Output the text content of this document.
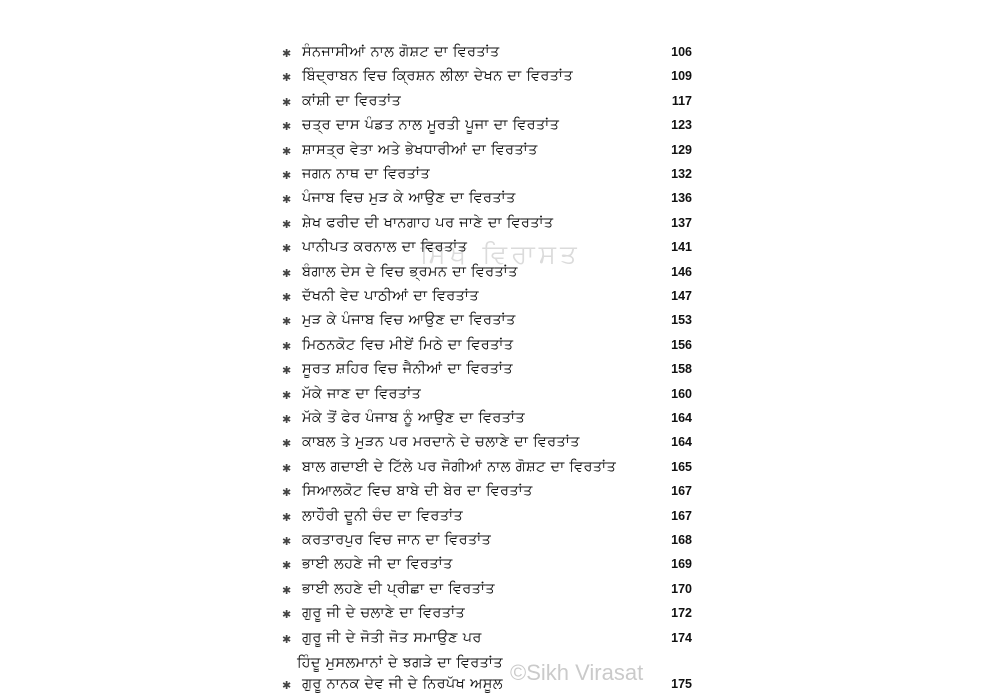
ਸਿਖ ਵਿਰਾਸਤ
✱ ਸੰਨਜਾਸੀਆਂ ਨਾਲ ਗੋਸ਼ਟ ਦਾ ਵਿਰਤਾਂਤ	106
✱ ਬਿੰਦ੍ਰਾਬਨ ਵਿਚ ਕ੍ਰਿਸ਼ਨ ਲੀਲਾ ਦੇਖਨ ਦਾ ਵਿਰਤਾਂਤ	109
✱ ਕਾਂਸ਼ੀ ਦਾ ਵਿਰਤਾਂਤ	117
✱ ਚਤ੍ਰ ਦਾਸ ਪੰਡਤ ਨਾਲ ਮੂਰਤੀ ਪੂਜਾ ਦਾ ਵਿਰਤਾਂਤ	123
✱ ਸ਼ਾਸਤ੍ਰ ਵੇਤਾ ਅਤੇ ਭੇਖਧਾਰੀਆਂ ਦਾ ਵਿਰਤਾਂਤ	129
✱ ਜਗਨ ਨਾਥ ਦਾ ਵਿਰਤਾਂਤ	132
✱ ਪੰਜਾਬ ਵਿਚ ਮੁੜ ਕੇ ਆਉਣ ਦਾ ਵਿਰਤਾਂਤ	136
✱ ਸ਼ੇਖ ਫਰੀਦ ਦੀ ਖਾਨਗਾਹ ਪਰ ਜਾਣੇ ਦਾ ਵਿਰਤਾਂਤ	137
✱ ਪਾਨੀਪਤ ਕਰਨਾਲ ਦਾ ਵਿਰਤਾਂਤ	141
✱ ਬੰਗਾਲ ਦੇਸ ਦੇ ਵਿਚ ਭ੍ਰਮਨ ਦਾ ਵਿਰਤਾਂਤ	146
✱ ਦੱਖਨੀ ਵੇਦ ਪਾਠੀਆਂ ਦਾ ਵਿਰਤਾਂਤ	147
✱ ਮੁੜ ਕੇ ਪੰਜਾਬ ਵਿਚ ਆਉਣ ਦਾ ਵਿਰਤਾਂਤ	153
✱ ਮਿਠਨਕੋਟ ਵਿਚ ਮੀਏਂ ਮਿਠੇ ਦਾ ਵਿਰਤਾਂਤ	156
✱ ਸੂਰਤ ਸ਼ਹਿਰ ਵਿਚ ਜੈਨੀਆਂ ਦਾ ਵਿਰਤਾਂਤ	158
✱ ਮੱਕੇ ਜਾਣ ਦਾ ਵਿਰਤਾਂਤ	160
✱ ਮੱਕੇ ਤੋਂ ਫੇਰ ਪੰਜਾਬ ਨੂੰ ਆਉਣ ਦਾ ਵਿਰਤਾਂਤ	164
✱ ਕਾਬਲ ਤੇ ਮੁੜਨ ਪਰ ਮਰਦਾਨੇ ਦੇ ਚਲਾਣੇ ਦਾ ਵਿਰਤਾਂਤ	164
✱ ਬਾਲ ਗਦਾਈ ਦੇ ਟਿੱਲੇ ਪਰ ਜੋਗੀਆਂ ਨਾਲ ਗੋਸ਼ਟ ਦਾ ਵਿਰਤਾਂਤ	165
✱ ਸਿਆਲਕੋਟ ਵਿਚ ਬਾਬੇ ਦੀ ਬੇਰ ਦਾ ਵਿਰਤਾਂਤ	167
✱ ਲਾਹੌਰੀ ਦੂਨੀ ਚੰਦ ਦਾ ਵਿਰਤਾਂਤ	167
✱ ਕਰਤਾਰਪੁਰ ਵਿਚ ਜਾਨ ਦਾ ਵਿਰਤਾਂਤ	168
✱ ਭਾਈ ਲਹਣੇ ਜੀ ਦਾ ਵਿਰਤਾਂਤ	169
✱ ਭਾਈ ਲਹਣੇ ਦੀ ਪ੍ਰੀਛਾ ਦਾ ਵਿਰਤਾਂਤ	170
✱ ਗੁਰੂ ਜੀ ਦੇ ਚਲਾਣੇ ਦਾ ਵਿਰਤਾਂਤ	172
✱ ਗੁਰੂ ਜੀ ਦੇ ਜੋਤੀ ਜੋਤ ਸਮਾਉਣ ਪਰ	174
ਹਿੰਦੂ ਮੁਸਲਮਾਨਾਂ ਦੇ ਝਗੜੇ ਦਾ ਵਿਰਤਾਂਤ
✱ ਗੁਰੂ ਨਾਨਕ ਦੇਵ ਜੀ ਦੇ ਨਿਰਪੱਖ ਅਸੂਲ	175
©Sikh Virasat
